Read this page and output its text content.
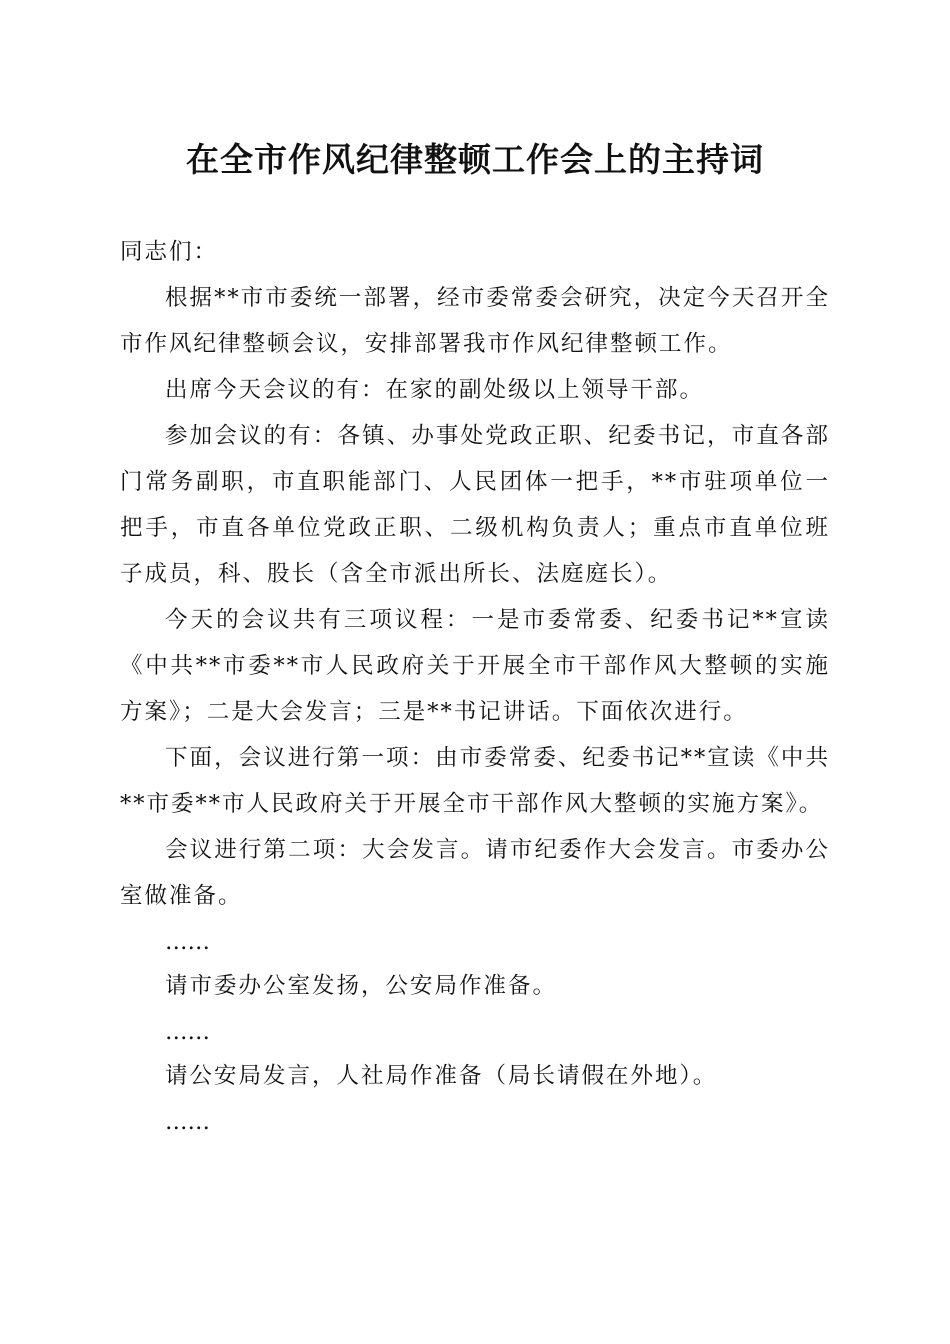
在全市作风纪律整顿工作会上的主持词

同志们：

根据**市市委统一部署，经市委常委会研究，决定今天召开全市作风纪律整顿会议，安排部署我市作风纪律整顿工作。

出席今天会议的有：在家的副处级以上领导干部。

参加会议的有：各镇、办事处党政正职、纪委书记，市直各部门常务副职，市直职能部门、人民团体一把手，**市驻项单位一把手，市直各单位党政正职、二级机构负责人；重点市直单位班子成员，科、股长（含全市派出所长、法庭庭长）。

今天的会议共有三项议程：一是市委常委、纪委书记**宣读《中共**市委**市人民政府关于开展全市干部作风大整顿的实施方案》；二是大会发言；三是**书记讲话。下面依次进行。

下面，会议进行第一项：由市委常委、纪委书记**宣读《中共**市委**市人民政府关于开展全市干部作风大整顿的实施方案》。

会议进行第二项：大会发言。请市纪委作大会发言。市委办公室做准备。

……

请市委办公室发扬，公安局作准备。

……

请公安局发言，人社局作准备（局长请假在外地）。

……
